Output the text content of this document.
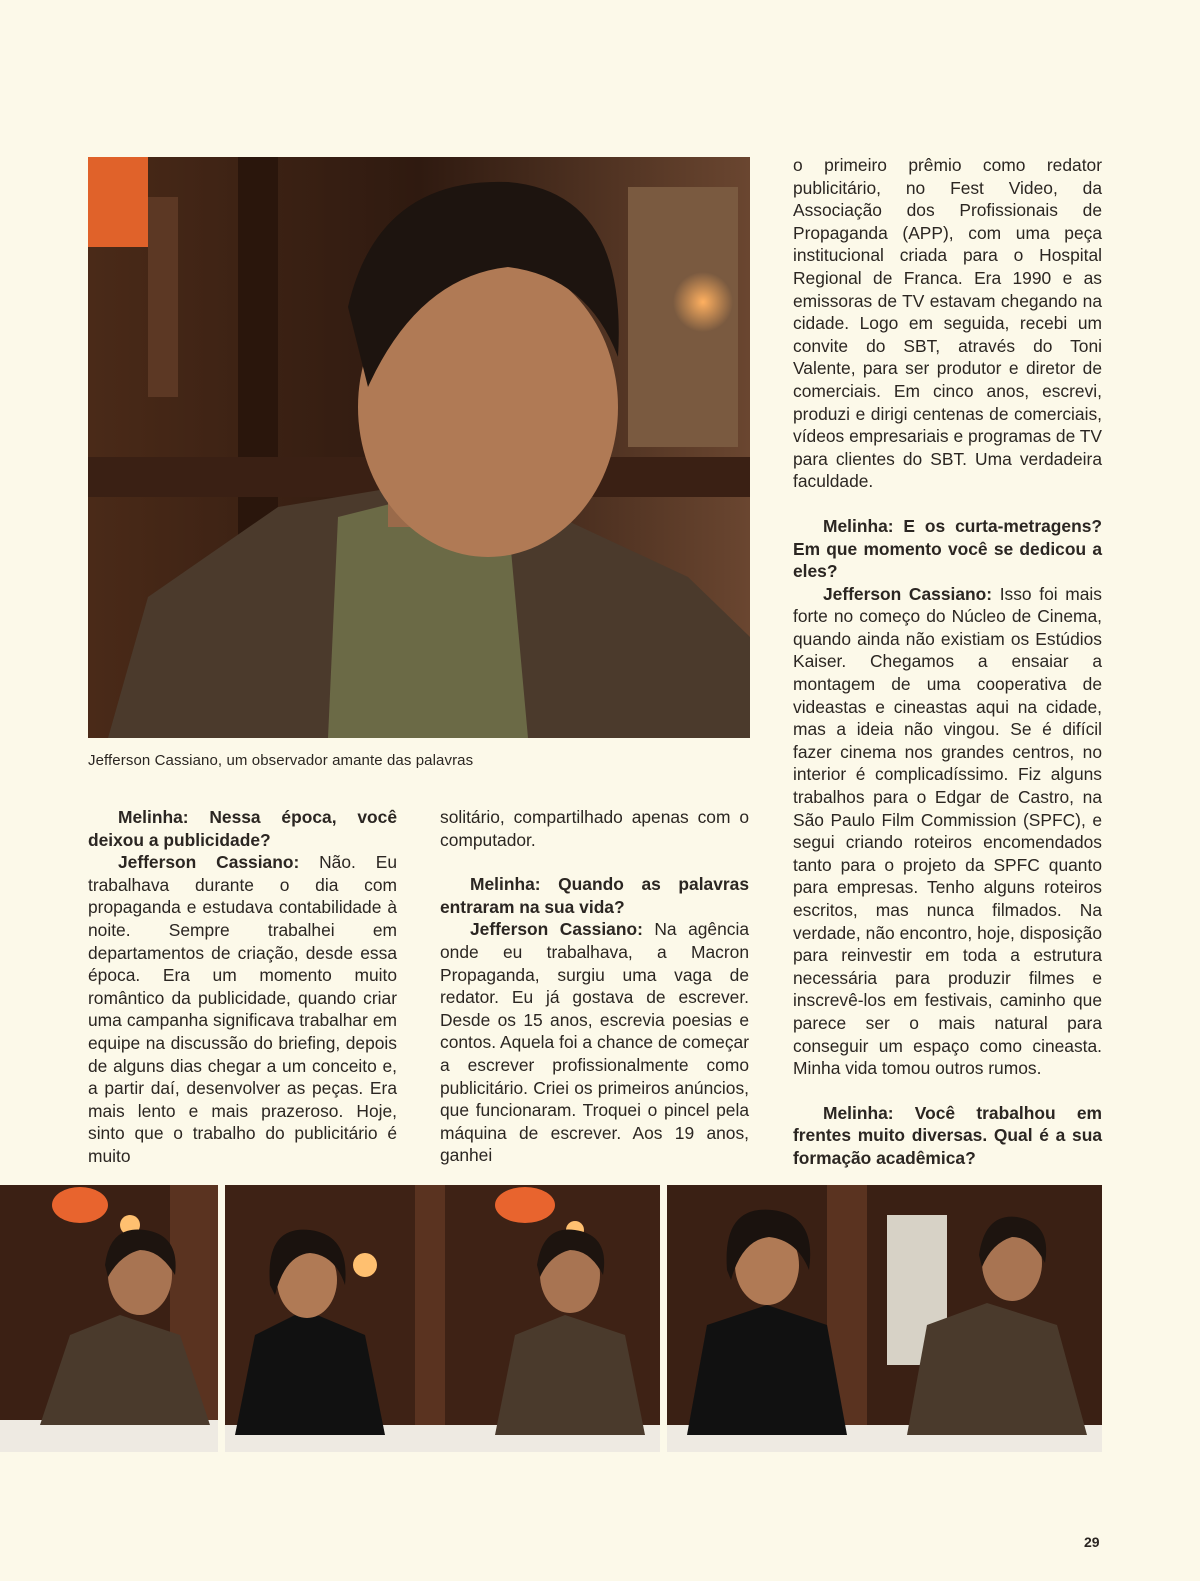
Jefferson Cassiano, um observador amante das palavras

Melinha: Nessa época, você deixou a publicidade?

Jefferson Cassiano: Não. Eu trabalhava durante o dia com propaganda e estudava contabilidade à noite. Sempre trabalhei em departamentos de criação, desde essa época. Era um momento muito romântico da publicidade, quando criar uma campanha significava trabalhar em equipe na discussão do briefing, depois de alguns dias chegar a um conceito e, a partir daí, desenvolver as peças. Era mais lento e mais prazeroso. Hoje, sinto que o trabalho do publicitário é muito

solitário, compartilhado apenas com o computador.

Melinha: Quando as palavras entraram na sua vida?

Jefferson Cassiano: Na agência onde eu trabalhava, a Macron Propaganda, surgiu uma vaga de redator. Eu já gostava de escrever. Desde os 15 anos, escrevia poesias e contos. Aquela foi a chance de começar a escrever profissionalmente como publicitário. Criei os primeiros anúncios, que funcionaram. Troquei o pincel pela máquina de escrever. Aos 19 anos, ganhei

o primeiro prêmio como redator publicitário, no Fest Video, da Associação dos Profissionais de Propaganda (APP), com uma peça institucional criada para o Hospital Regional de Franca. Era 1990 e as emissoras de TV estavam chegando na cidade. Logo em seguida, recebi um convite do SBT, através do Toni Valente, para ser produtor e diretor de comerciais. Em cinco anos, escrevi, produzi e dirigi centenas de comerciais, vídeos empresariais e programas de TV para clientes do SBT. Uma verdadeira faculdade.

Melinha: E os curta-metragens? Em que momento você se dedicou a eles?

Jefferson Cassiano: Isso foi mais forte no começo do Núcleo de Cinema, quando ainda não existiam os Estúdios Kaiser. Chegamos a ensaiar a montagem de uma cooperativa de videastas e cineastas aqui na cidade, mas a ideia não vingou. Se é difícil fazer cinema nos grandes centros, no interior é complicadíssimo. Fiz alguns trabalhos para o Edgar de Castro, na São Paulo Film Commission (SPFC), e segui criando roteiros encomendados tanto para o projeto da SPFC quanto para empresas. Tenho alguns roteiros escritos, mas nunca filmados. Na verdade, não encontro, hoje, disposição para reinvestir em toda a estrutura necessária para produzir filmes e inscrevê-los em festivais, caminho que parece ser o mais natural para conseguir um espaço como cineasta. Minha vida tomou outros rumos.

Melinha: Você trabalhou em frentes muito diversas. Qual é a sua formação acadêmica?

29
